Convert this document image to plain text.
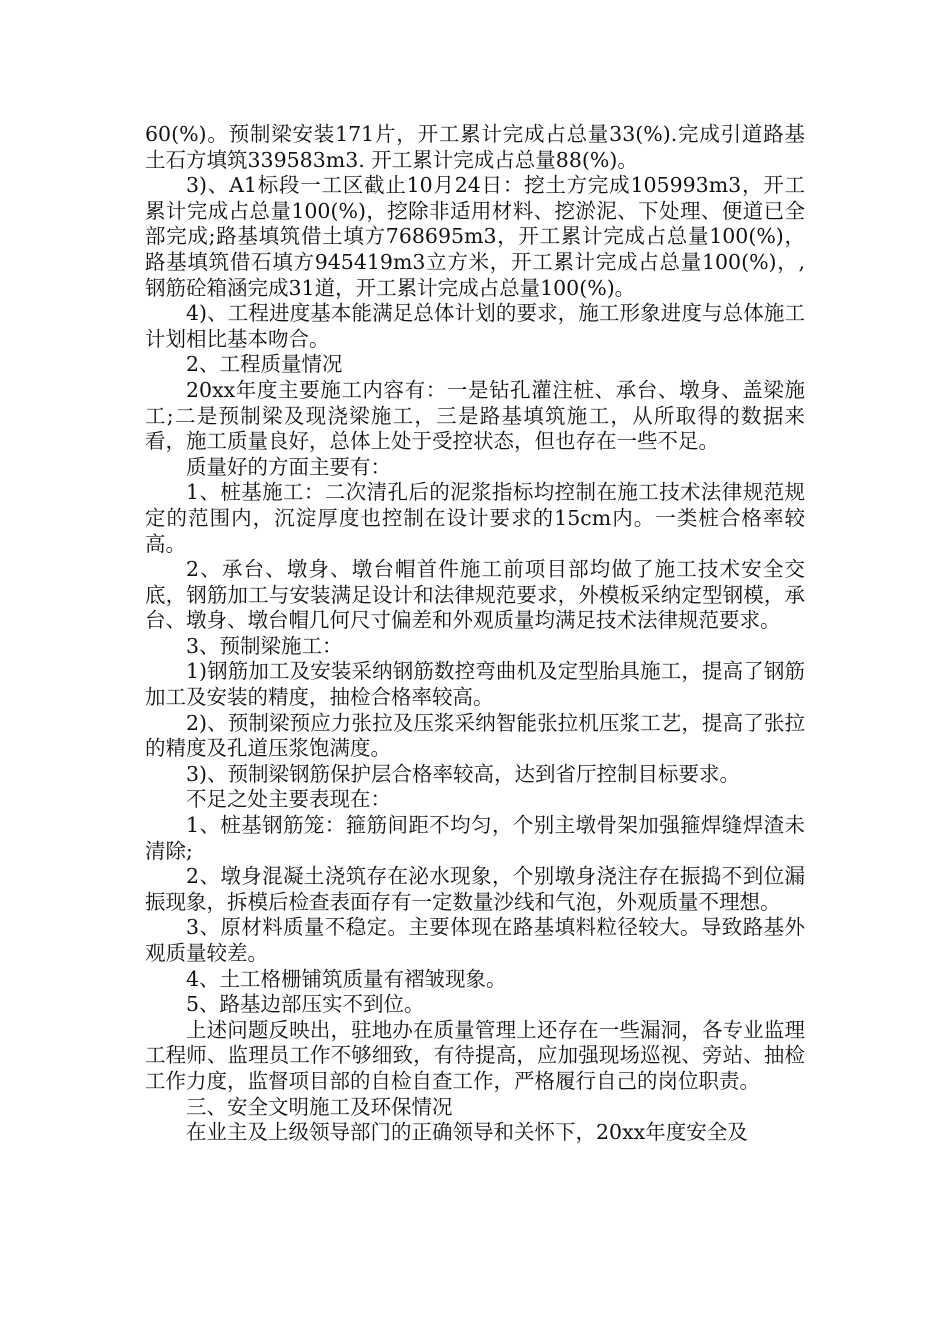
60(%)。预制梁安装171片，开工累计完成占总量33(%).完成引道路基土石方填筑339583m3. 开工累计完成占总量88(%)。

3)、A1标段一工区截止10月24日：挖土方完成105993m3，开工累计完成占总量100(%)，挖除非适用材料、挖淤泥、下处理、便道已全部完成;路基填筑借土填方768695m3，开工累计完成占总量100(%)，路基填筑借石填方945419m3立方米，开工累计完成占总量100(%)，,钢筋砼箱涵完成31道，开工累计完成占总量100(%)。

4)、工程进度基本能满足总体计划的要求，施工形象进度与总体施工计划相比基本吻合。

2、工程质量情况

20xx年度主要施工内容有：一是钻孔灌注桩、承台、墩身、盖梁施工;二是预制梁及现浇梁施工，三是路基填筑施工，从所取得的数据来看，施工质量良好，总体上处于受控状态，但也存在一些不足。

质量好的方面主要有：

1、桩基施工：二次清孔后的泥浆指标均控制在施工技术法律规范规定的范围内，沉淀厚度也控制在设计要求的15cm内。一类桩合格率较高。

2、承台、墩身、墩台帽首件施工前项目部均做了施工技术安全交底，钢筋加工与安装满足设计和法律规范要求，外模板采纳定型钢模，承台、墩身、墩台帽几何尺寸偏差和外观质量均满足技术法律规范要求。

3、预制梁施工：

1)钢筋加工及安装采纳钢筋数控弯曲机及定型胎具施工，提高了钢筋加工及安装的精度，抽检合格率较高。

2)、预制梁预应力张拉及压浆采纳智能张拉机压浆工艺，提高了张拉的精度及孔道压浆饱满度。

3)、预制梁钢筋保护层合格率较高，达到省厅控制目标要求。

不足之处主要表现在：

1、桩基钢筋笼：箍筋间距不均匀，个别主墩骨架加强箍焊缝焊渣未清除;

2、墩身混凝土浇筑存在泌水现象，个别墩身浇注存在振捣不到位漏振现象，拆模后检查表面存有一定数量沙线和气泡，外观质量不理想。

3、原材料质量不稳定。主要体现在路基填料粒径较大。导致路基外观质量较差。

4、土工格栅铺筑质量有褶皱现象。

5、路基边部压实不到位。

上述问题反映出，驻地办在质量管理上还存在一些漏洞，各专业监理工程师、监理员工作不够细致，有待提高，应加强现场巡视、旁站、抽检工作力度，监督项目部的自检自查工作，严格履行自己的岗位职责。

三、安全文明施工及环保情况

在业主及上级领导部门的正确领导和关怀下，20xx年度安全及
